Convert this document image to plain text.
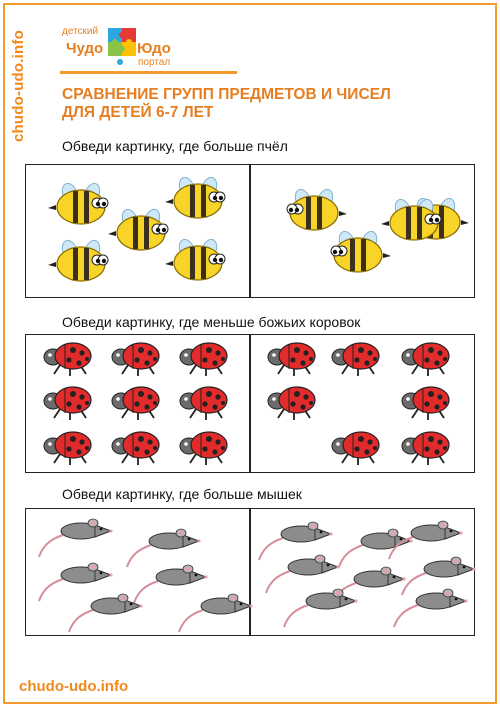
chudo-udo.info	детский
Чудо Юдо
портал
СРАВНЕНИЕ ГРУПП ПРЕДМЕТОВ И ЧИСЕЛ
ДЛЯ ДЕТЕЙ 6-7 ЛЕТ
Обведи картинку, где больше пчёл
Обведи картинку, где меньше божьих коровок
Обведи картинку, где больше мышек
chudo-udo.info
